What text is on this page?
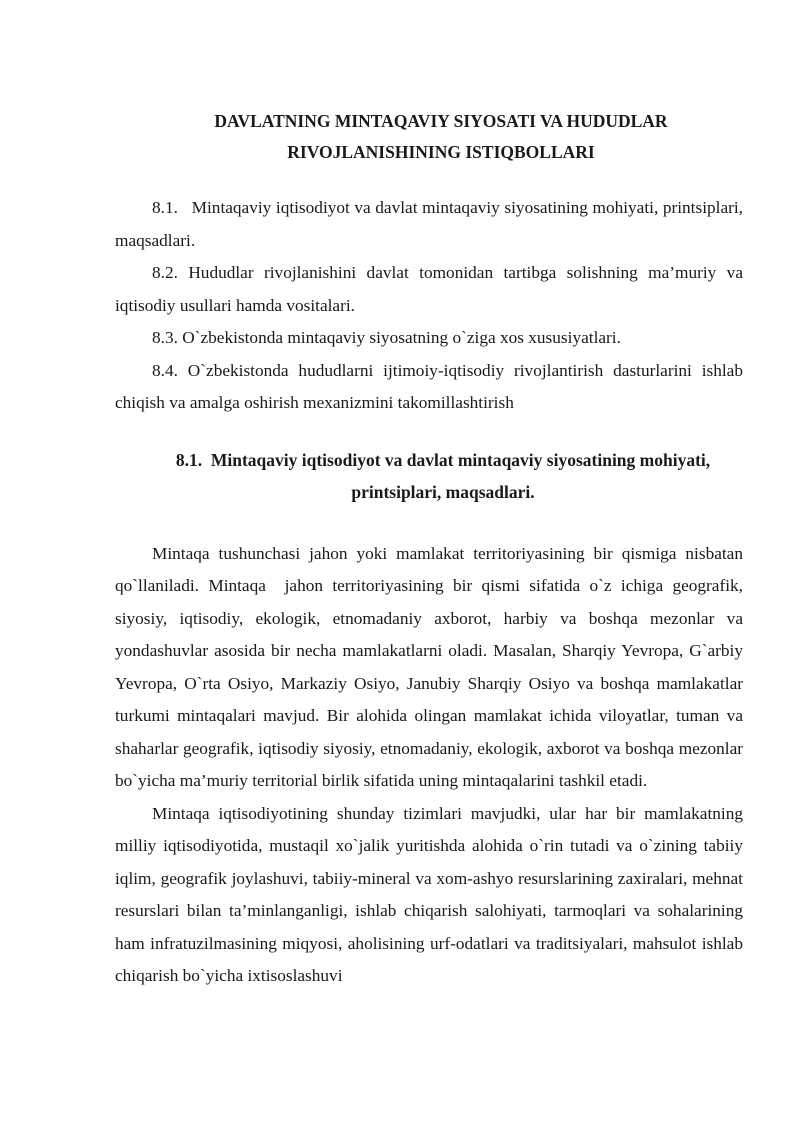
DAVLATNING MINTAQAVIY SIYOSATI VA HUDUDLAR
RIVOJLANISHINING ISTIQBOLLARI

8.1.   Mintaqaviy iqtisodiyot va davlat mintaqaviy siyosatining mohiyati, printsiplari, maqsadlari.

8.2. Hududlar rivojlanishini davlat tomonidan tartibga solishning ma’muriy va iqtisodiy usullari hamda vositalari.

8.3. O`zbekistonda mintaqaviy siyosatning o`ziga xos xususiyatlari.

8.4. O`zbekistonda hududlarni ijtimoiy-iqtisodiy rivojlantirish dasturlarini ishlab chiqish va amalga oshirish mexanizmini takomillashtirish

8.1.  Mintaqaviy iqtisodiyot va davlat mintaqaviy siyosatining mohiyati,
printsiplari, maqsadlari.

Mintaqa tushunchasi jahon yoki mamlakat territoriyasining bir qismiga nisbatan qo`llaniladi. Mintaqa  jahon territoriyasining bir qismi sifatida o`z ichiga geografik, siyosiy, iqtisodiy, ekologik, etnomadaniy axborot, harbiy va boshqa mezonlar va yondashuvlar asosida bir necha mamlakatlarni oladi. Masalan, Sharqiy Yevropa, G`arbiy Yevropa, O`rta Osiyo, Markaziy Osiyo, Janubiy Sharqiy Osiyo va boshqa mamlakatlar turkumi mintaqalari mavjud. Bir alohida olingan mamlakat ichida viloyatlar, tuman va shaharlar geografik, iqtisodiy siyosiy, etnomadaniy, ekologik, axborot va boshqa mezonlar bo`yicha ma’muriy territorial birlik sifatida uning mintaqalarini tashkil etadi.

Mintaqa iqtisodiyotining shunday tizimlari mavjudki, ular har bir mamlakatning milliy iqtisodiyotida, mustaqil xo`jalik yuritishda alohida o`rin tutadi va o`zining tabiiy iqlim, geografik joylashuvi, tabiiy-mineral va xom-ashyo resurslarining zaxiralari, mehnat resurslari bilan ta’minlanganligi, ishlab chiqarish salohiyati, tarmoqlari va sohalarining ham infratuzilmasining miqyosi, aholisining urf-odatlari va traditsiyalari, mahsulot ishlab chiqarish bo`yicha ixtisoslashuvi
